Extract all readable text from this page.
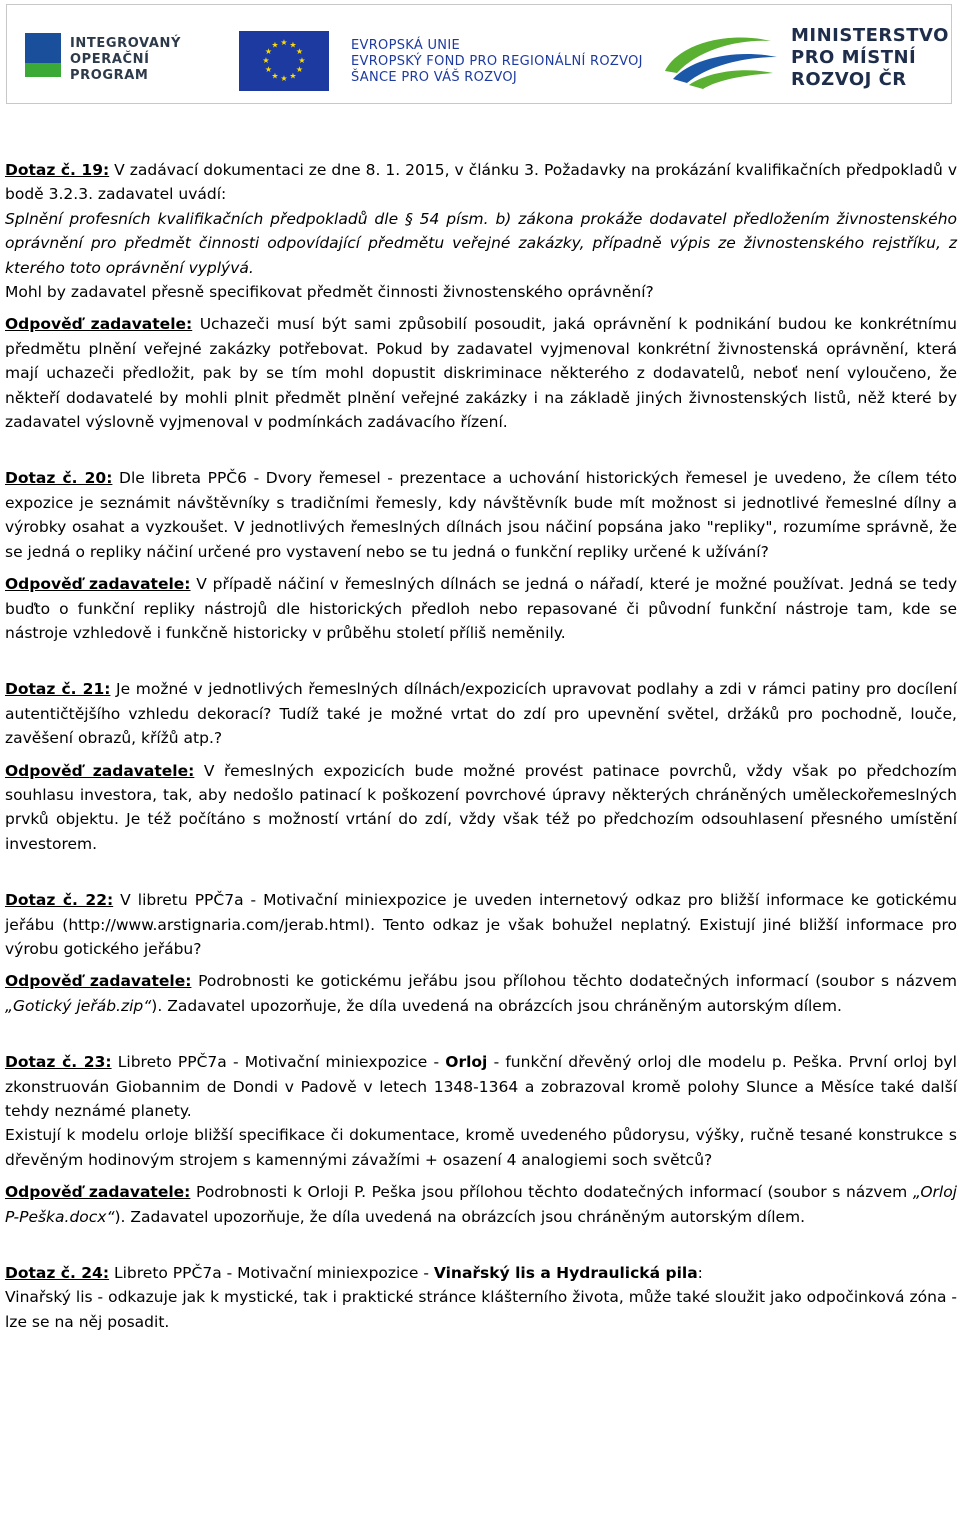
INTEGROVANÝ
OPERAČNÍ
PROGRAM
★ ★
★
★
★
★
★
★
★
★
★
★	EVROPSKÁ UNIE
EVROPSKÝ FOND PRO REGIONÁLNÍ ROZVOJ
ŠANCE PRO VÁŠ ROZVOJ
MINISTERSTVO
PRO MÍSTNÍ
ROZVOJ ČR

Dotaz č. 19: V zadávací dokumentaci ze dne 8. 1. 2015, v článku 3. Požadavky na prokázání kvalifikačních předpokladů v bodě 3.2.3. zadavatel uvádí:

Splnění profesních kvalifikačních předpokladů dle § 54 písm. b) zákona prokáže dodavatel předložením živnostenského oprávnění pro předmět činnosti odpovídající předmětu veřejné zakázky, případně výpis ze živnostenského rejstříku, z kterého toto oprávnění vyplývá.

Mohl by zadavatel přesně specifikovat předmět činnosti živnostenského oprávnění?

Odpověď zadavatele: Uchazeči musí být sami způsobilí posoudit, jaká oprávnění k podnikání budou ke konkrétnímu předmětu plnění veřejné zakázky potřebovat. Pokud by zadavatel vyjmenoval konkrétní živnostenská oprávnění, která mají uchazeči předložit, pak by se tím mohl dopustit diskriminace některého z dodavatelů, neboť není vyloučeno, že někteří dodavatelé by mohli plnit předmět plnění veřejné zakázky i na základě jiných živnostenských listů, něž které by zadavatel výslovně vyjmenoval v podmínkách zadávacího řízení.

Dotaz č. 20: Dle libreta PPČ6 - Dvory řemesel - prezentace a uchování historických řemesel je uvedeno, že cílem této expozice je seznámit návštěvníky s tradičními řemesly, kdy návštěvník bude mít možnost si jednotlivé řemeslné dílny a výrobky osahat a vyzkoušet. V jednotlivých řemeslných dílnách jsou náčiní popsána jako "repliky", rozumíme správně, že se jedná o repliky náčiní určené pro vystavení nebo se tu jedná o funkční repliky určené k užívání?

Odpověď zadavatele: V případě náčiní v řemeslných dílnách se jedná o nářadí, které je možné používat. Jedná se tedy buďto o funkční repliky nástrojů dle historických předloh nebo repasované či původní funkční nástroje tam, kde se nástroje vzhledově i funkčně historicky v průběhu století příliš neměnily.

Dotaz č. 21: Je možné v jednotlivých řemeslných dílnách/expozicích upravovat podlahy a zdi v rámci patiny pro docílení autentičtějšího vzhledu dekorací? Tudíž také je možné vrtat do zdí pro upevnění světel, držáků pro pochodně, louče, zavěšení obrazů, křížů atp.?

Odpověď zadavatele: V řemeslných expozicích bude možné provést patinace povrchů, vždy však po předchozím souhlasu investora, tak, aby nedošlo patinací k poškození povrchové úpravy některých chráněných uměleckořemeslných prvků objektu. Je též počítáno s možností vrtání do zdí, vždy však též po předchozím odsouhlasení přesného umístění investorem.

Dotaz č. 22: V libretu PPČ7a - Motivační miniexpozice je uveden internetový odkaz pro bližší informace ke gotickému jeřábu (http://www.arstignaria.com/jerab.html). Tento odkaz je však bohužel neplatný. Existují jiné bližší informace pro výrobu gotického jeřábu?

Odpověď zadavatele: Podrobnosti ke gotickému jeřábu jsou přílohou těchto dodatečných informací (soubor s názvem „Gotický jeřáb.zip“). Zadavatel upozorňuje, že díla uvedená na obrázcích jsou chráněným autorským dílem.

Dotaz č. 23: Libreto PPČ7a - Motivační miniexpozice - Orloj - funkční dřevěný orloj dle modelu p. Peška. První orloj byl zkonstruován Giobannim de Dondi v Padově v letech 1348-1364 a zobrazoval kromě polohy Slunce a Měsíce také další tehdy neznámé planety.

Existují k modelu orloje bližší specifikace či dokumentace, kromě uvedeného půdorysu, výšky, ručně tesané konstrukce s dřevěným hodinovým strojem s kamennými závažími + osazení 4 analogiemi soch světců?

Odpověď zadavatele: Podrobnosti k Orloji P. Peška jsou přílohou těchto dodatečných informací (soubor s názvem „Orloj P-Peška.docx“). Zadavatel upozorňuje, že díla uvedená na obrázcích jsou chráněným autorským dílem.

Dotaz č. 24: Libreto PPČ7a - Motivační miniexpozice - Vinařský lis a Hydraulická pila:

Vinařský lis - odkazuje jak k mystické, tak i praktické stránce klášterního života, může také sloužit jako odpočinková zóna - lze se na něj posadit.
